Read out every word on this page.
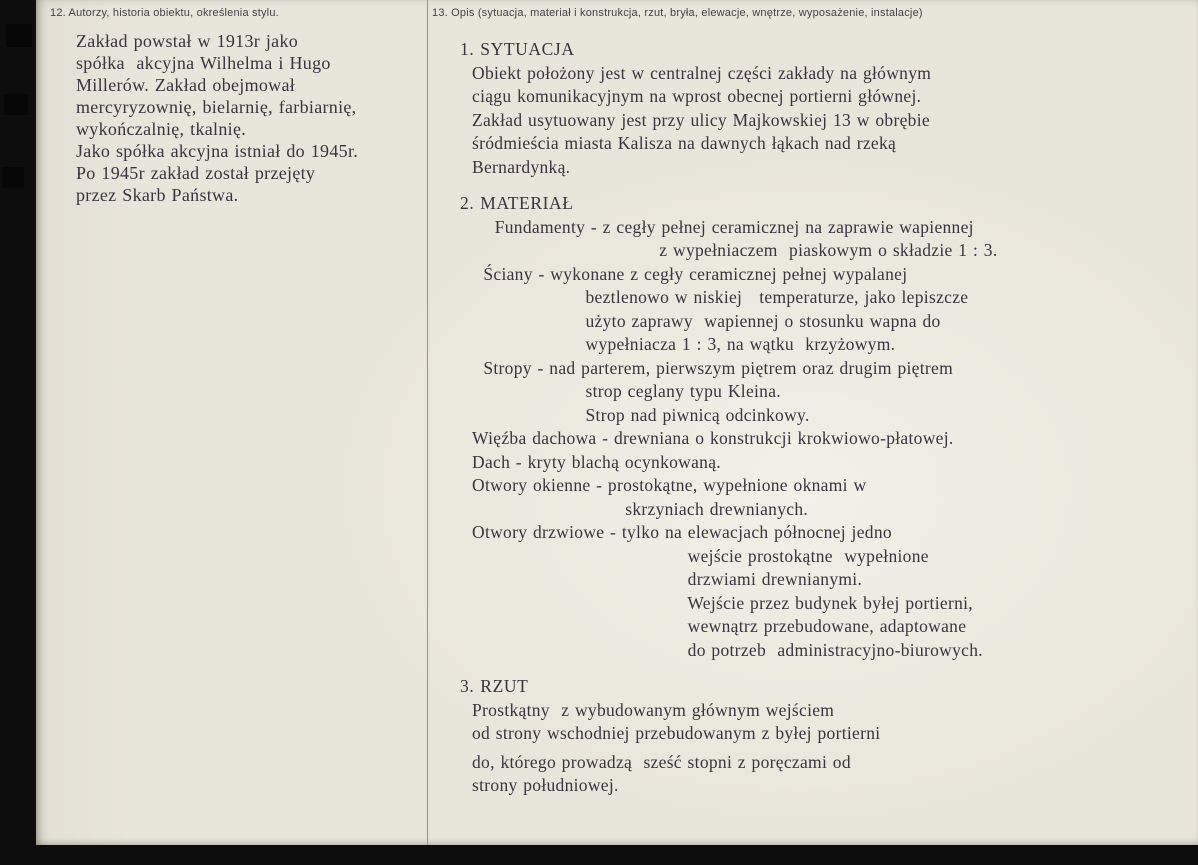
12. Autorzy, historia obiektu, określenia stylu.
Zakład powstał w 1913r jako
spółka  akcyjna Wilhelma i Hugo
Millerów. Zakład obejmował
mercyryzownię, bielarnię, farbiarnię,
wykończalnię, tkalnię.
Jako spółka akcyjna istniał do 1945r.
Po 1945r zakład został przejęty
przez Skarb Państwa.
13. Opis (sytuacja, materiał i konstrukcja, rzut, bryła, elewacje, wnętrze, wyposażenie, instalacje)
1. SYTUACJA
Obiekt położony jest w centralnej części zakłady na głównym
ciągu komunikacyjnym na wprost obecnej portierni głównej.
Zakład usytuowany jest przy ulicy Majkowskiej 13 w obrębie
śródmieścia miasta Kalisza na dawnych łąkach nad rzeką
Bernardynką.
2. MATERIAŁ
Fundamenty - z cegły pełnej ceramicznej na zaprawie wapiennej
z wypełniaczem  piaskowym o składzie 1 : 3.
Ściany - wykonane z cegły ceramicznej pełnej wypalanej
beztlenowo w niskiej   temperaturze, jako lepiszcze
użyto zaprawy  wapiennej o stosunku wapna do
wypełniacza 1 : 3, na wątku  krzyżowym.
Stropy - nad parterem, pierwszym piętrem oraz drugim piętrem
strop ceglany typu Kleina.
Strop nad piwnicą odcinkowy.
Więźba dachowa - drewniana o konstrukcji krokwiowo-płatowej.
Dach - kryty blachą ocynkowaną.
Otwory okienne - prostokątne, wypełnione oknami w
skrzyniach drewnianych.
Otwory drzwiowe - tylko na elewacjach północnej jedno
wejście prostokątne  wypełnione
drzwiami drewnianymi.
Wejście przez budynek byłej portierni,
wewnątrz przebudowane, adaptowane
do potrzeb  administracyjno-biurowych.
3. RZUT
Prostkątny  z wybudowanym głównym wejściem
od strony wschodniej przebudowanym z byłej portierni
do, którego prowadzą  sześć stopni z poręczami od
strony południowej.
